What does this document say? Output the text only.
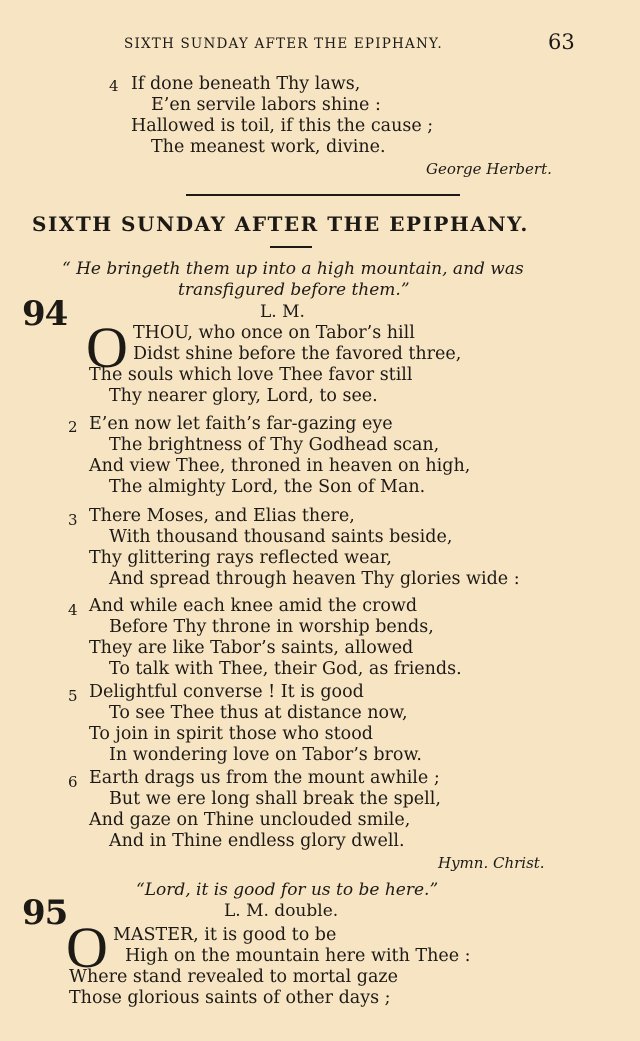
SIXTH SUNDAY AFTER THE EPIPHANY.	63
4 If done beneath Thy laws,
E’en servile labors shine :
Hallowed is toil, if this the cause ;
The meanest work, divine.
George Herbert.
SIXTH SUNDAY AFTER THE EPIPHANY.
“ He bringeth them up into a high mountain, and was
transfigured before them.”
94	L. M.
O THOU, who once on Tabor’s hill
Didst shine before the favored three,
The souls which love Thee favor still
Thy nearer glory, Lord, to see.
2 E’en now let faith’s far-gazing eye
The brightness of Thy Godhead scan,
And view Thee, throned in heaven on high,
The almighty Lord, the Son of Man.
3 There Moses, and Elias there,
With thousand thousand saints beside,
Thy glittering rays reflected wear,
And spread through heaven Thy glories wide :
4 And while each knee amid the crowd
Before Thy throne in worship bends,
They are like Tabor’s saints, allowed
To talk with Thee, their God, as friends.
5 Delightful converse ! It is good
To see Thee thus at distance now,
To join in spirit those who stood
In wondering love on Tabor’s brow.
6 Earth drags us from the mount awhile ;
But we ere long shall break the spell,
And gaze on Thine unclouded smile,
And in Thine endless glory dwell.
Hymn. Christ.
“Lord, it is good for us to be here.”
95	L. M. double.
O MASTER, it is good to be
High on the mountain here with Thee :
Where stand revealed to mortal gaze
Those glorious saints of other days ;
